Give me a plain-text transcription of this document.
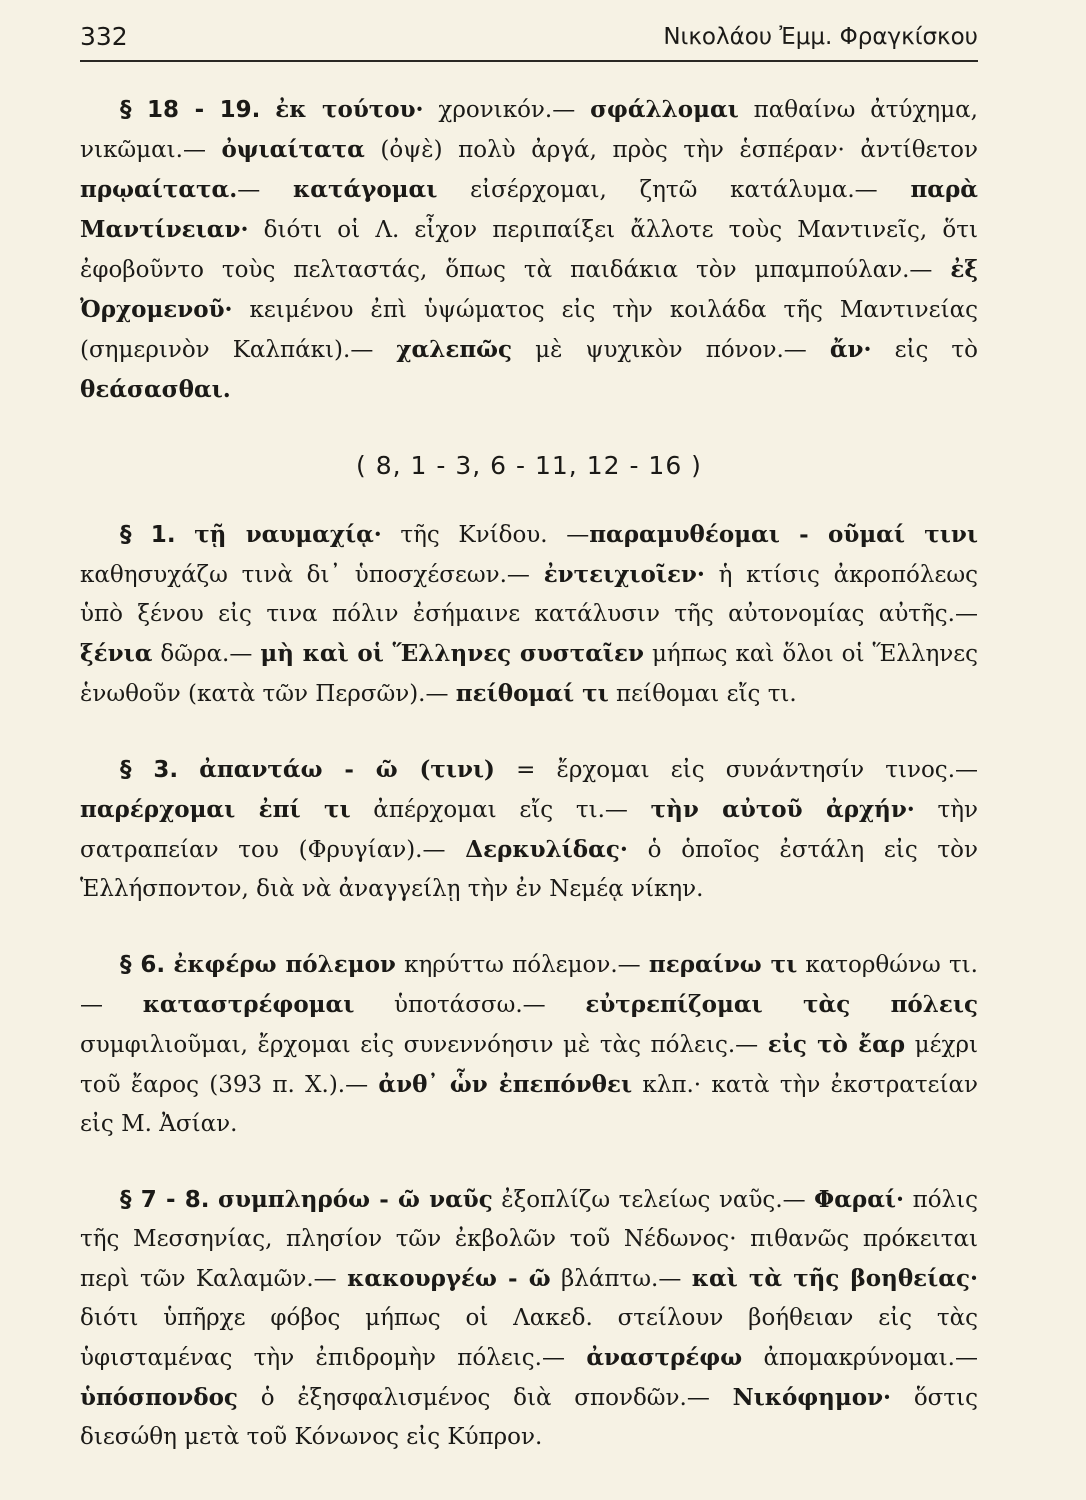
332	Νικολάου Ἐμμ. Φραγκίσκου

§ 18 - 19. ἐκ τούτου· χρονικόν.— σφάλλομαι παθαίνω ἀτύχημα, νικῶμαι.— ὀψιαίτατα (ὀψὲ) πολὺ ἀργά, πρὸς τὴν ἑσπέραν· ἀντίθετον πρῳαίτατα.— κατάγομαι εἰσέρχομαι, ζητῶ κατάλυμα.— παρὰ Μαντίνειαν· διότι οἱ Λ. εἶχον περιπαίξει ἄλλοτε τοὺς Μαντινεῖς, ὅτι ἐφοβοῦντο τοὺς πελταστάς, ὅπως τὰ παιδάκια τὸν μπαμπούλαν.— ἐξ Ὀρχομενοῦ· κειμένου ἐπὶ ὑψώματος εἰς τὴν κοιλάδα τῆς Μαντινείας (σημερινὸν Καλπάκι).— χαλεπῶς μὲ ψυχικὸν πόνον.— ἄν· εἰς τὸ θεάσασθαι.

( 8, 1 - 3, 6 - 11, 12 - 16 )

§ 1. τῇ ναυμαχίᾳ· τῆς Κνίδου. —παραμυθέομαι - οῦμαί τινι καθησυχάζω τινὰ δι᾽ ὑποσχέσεων.— ἐντειχιοῖεν· ἡ κτίσις ἀκροπόλεως ὑπὸ ξένου εἰς τινα πόλιν ἐσήμαινε κατάλυσιν τῆς αὐτονομίας αὐτῆς.— ξένια δῶρα.— μὴ καὶ οἱ Ἕλληνες συσταῖεν μήπως καὶ ὅλοι οἱ Ἕλληνες ἑνωθοῦν (κατὰ τῶν Περσῶν).— πείθομαί τι πείθομαι εἴς τι.

§ 3. ἀπαντάω - ῶ (τινι) = ἔρχομαι εἰς συνάντησίν τινος.— παρέρχομαι ἐπί τι ἀπέρχομαι εἴς τι.— τὴν αὐτοῦ ἀρχήν· τὴν σατραπείαν του (Φρυγίαν).— Δερκυλίδας· ὁ ὁποῖος ἐστάλη εἰς τὸν Ἑλλήσποντον, διὰ νὰ ἀναγγείλῃ τὴν ἐν Νεμέᾳ νίκην.

§ 6. ἐκφέρω πόλεμον κηρύττω πόλεμον.— περαίνω τι κατορθώνω τι.— καταστρέφομαι ὑποτάσσω.— εὐτρεπίζομαι τὰς πόλεις συμφιλιοῦμαι, ἔρχομαι εἰς συνεννόησιν μὲ τὰς πόλεις.— εἰς τὸ ἔαρ μέχρι τοῦ ἔαρος (393 π. Χ.).— ἀνθ᾽ ὧν ἐπεπόνθει κλπ.· κατὰ τὴν ἐκστρατείαν εἰς Μ. Ἀσίαν.

§ 7 - 8. συμπληρόω - ῶ ναῦς ἐξοπλίζω τελείως ναῦς.— Φαραί· πόλις τῆς Μεσσηνίας, πλησίον τῶν ἐκβολῶν τοῦ Νέδωνος· πιθανῶς πρόκειται περὶ τῶν Καλαμῶν.— κακουργέω - ῶ βλάπτω.— καὶ τὰ τῆς βοηθείας· διότι ὑπῆρχε φόβος μήπως οἱ Λακεδ. στείλουν βοήθειαν εἰς τὰς ὑφισταμένας τὴν ἐπιδρομὴν πόλεις.— ἀναστρέφω ἀπομακρύνομαι.— ὑπόσπονδος ὁ ἐξησφαλισμένος διὰ σπονδῶν.— Νικόφημον· ὅστις διεσώθη μετὰ τοῦ Κόνωνος εἰς Κύπρον.
